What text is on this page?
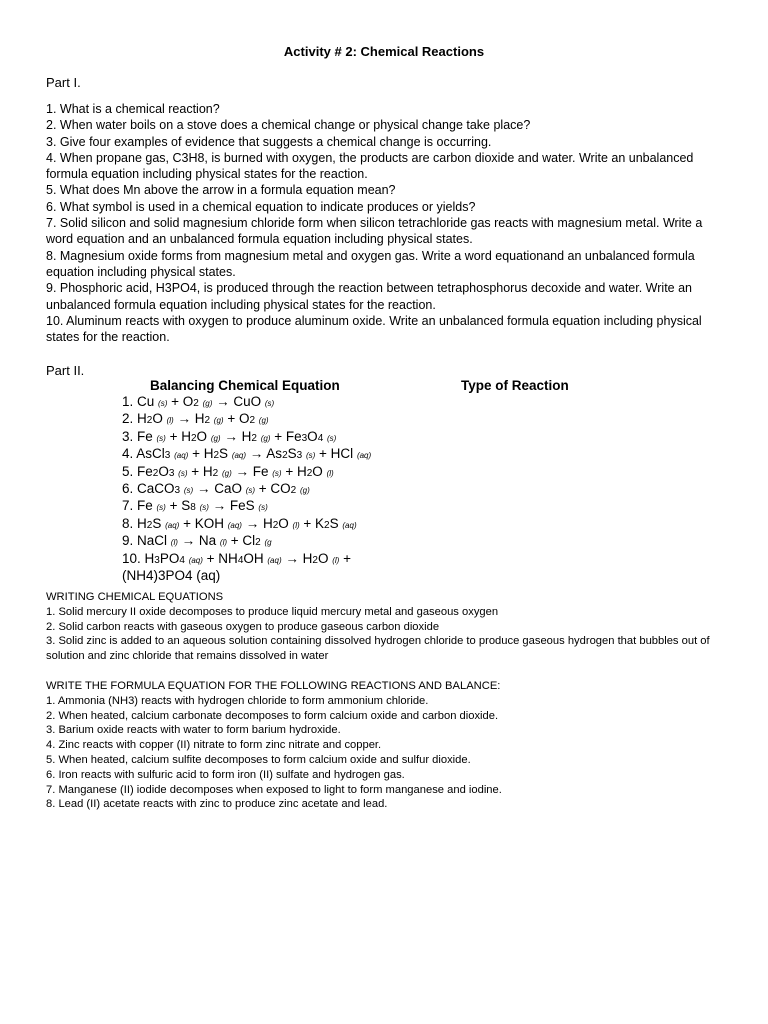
Activity # 2: Chemical Reactions
Part I.
1. What is a chemical reaction?
2. When water boils on a stove does a chemical change or physical change take place?
3. Give four examples of evidence that suggests a chemical change is occurring.
4. When propane gas, C3H8, is burned with oxygen, the products are carbon dioxide and water. Write an unbalanced formula equation including physical states for the reaction.
5. What does Mn above the arrow in a formula equation mean?
6. What symbol is used in a chemical equation to indicate produces or yields?
7. Solid silicon and solid magnesium chloride form when silicon tetrachloride gas reacts with magnesium metal. Write a word equation and an unbalanced formula equation including physical states.
8. Magnesium oxide forms from magnesium metal and oxygen gas. Write a word equationand an unbalanced formula equation including physical states.
9. Phosphoric acid, H3PO4, is produced through the reaction between tetraphosphorus decoxide and water. Write an unbalanced formula equation including physical states for the reaction.
10. Aluminum reacts with oxygen to produce aluminum oxide. Write an unbalanced formula equation including physical states for the reaction.
Part II.
Balancing Chemical Equation	Type of Reaction
1. Cu (s) + O2 (g) → CuO (s)
2. H2O (l) → H2 (g) + O2 (g)
3. Fe (s) + H2O (g) → H2 (g) + Fe3O4 (s)
4. AsCl3 (aq) + H2S (aq) → As2S3 (s) + HCl (aq)
5. Fe2O3 (s) + H2 (g) → Fe (s) + H2O (l)
6. CaCO3 (s) → CaO (s) + CO2 (g)
7. Fe (s) + S8 (s) → FeS (s)
8. H2S (aq) + KOH (aq) → H2O (l) + K2S (aq)
9. NaCl (l) → Na (l) + Cl2 (g
10. H3PO4 (aq) + NH4OH (aq) → H2O (l) + (NH4)3PO4 (aq)
WRITING CHEMICAL EQUATIONS
1. Solid mercury II oxide decomposes to produce liquid mercury metal and gaseous oxygen
2. Solid carbon reacts with gaseous oxygen to produce gaseous carbon dioxide
3. Solid zinc is added to an aqueous solution containing dissolved hydrogen chloride to produce gaseous hydrogen that bubbles out of solution and zinc chloride that remains dissolved in water
WRITE THE FORMULA EQUATION FOR THE FOLLOWING REACTIONS AND BALANCE:
1. Ammonia (NH3) reacts with hydrogen chloride to form ammonium chloride.
2. When heated, calcium carbonate decomposes to form calcium oxide and carbon dioxide.
3. Barium oxide reacts with water to form barium hydroxide.
4. Zinc reacts with copper (II) nitrate to form zinc nitrate and copper.
5. When heated, calcium sulfite decomposes to form calcium oxide and sulfur dioxide.
6. Iron reacts with sulfuric acid to form iron (II) sulfate and hydrogen gas.
7. Manganese (II) iodide decomposes when exposed to light to form manganese and iodine.
8. Lead (II) acetate reacts with zinc to produce zinc acetate and lead.
